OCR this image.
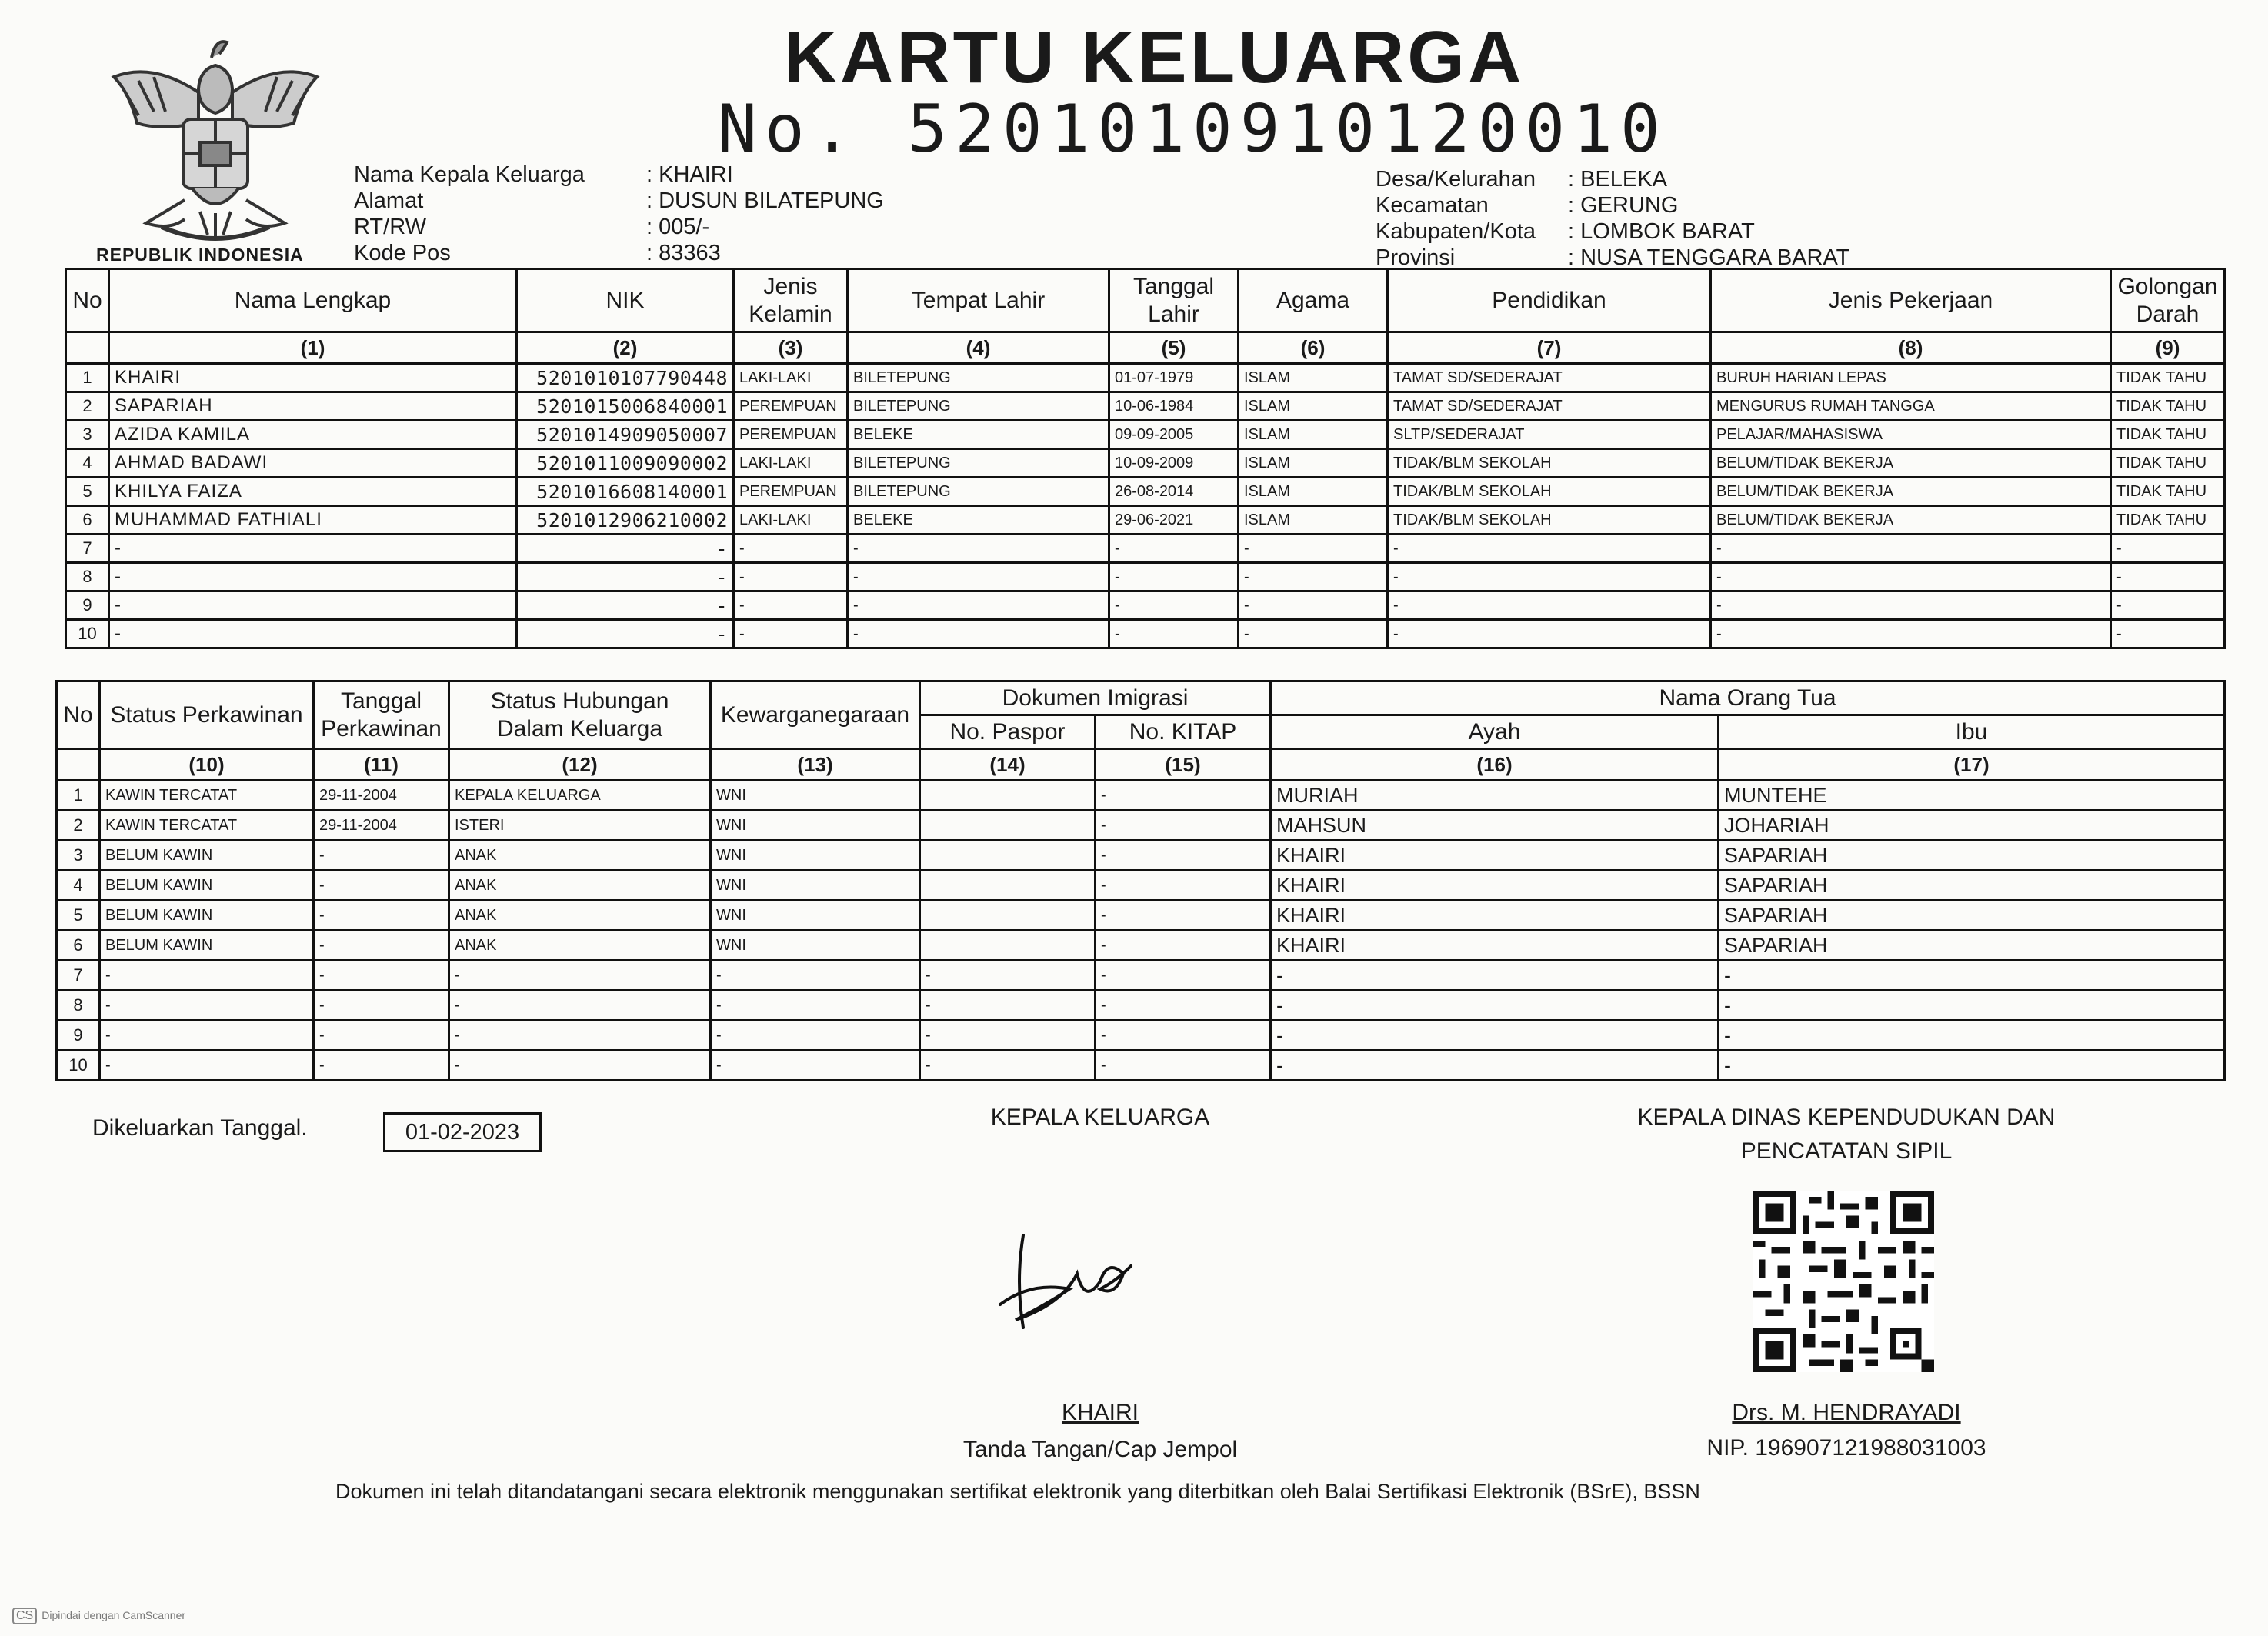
REPUBLIK INDONESIA
KARTU KELUARGA
No. 5201010910120010
Nama Kepala Keluarga	: KHAIRI
Alamat	: DUSUN BILATEPUNG
RT/RW	: 005/-
Kode Pos	: 83363
Desa/Kelurahan : BELEKA
Kecamatan	: GERUNG
Kabupaten/Kota : LOMBOK BARAT
Provinsi	: NUSA TENGGARA BARAT
No	Nama Lengkap	NIK	Jenis Kelamin	Tempat Lahir	Tanggal Lahir	Agama	Pendidikan	Jenis Pekerjaan	Golongan Darah
	(1)	(2)	(3)	(4)	(5)	(6)	(7)	(8)	(9)
1	KHAIRI	5201010107790448	LAKI-LAKI	BILETEPUNG	01-07-1979	ISLAM	TAMAT SD/SEDERAJAT	BURUH HARIAN LEPAS	TIDAK TAHU
2	SAPARIAH	5201015006840001	PEREMPUAN	BILETEPUNG	10-06-1984	ISLAM	TAMAT SD/SEDERAJAT	MENGURUS RUMAH TANGGA	TIDAK TAHU
3	AZIDA KAMILA	5201014909050007	PEREMPUAN	BELEKE	09-09-2005	ISLAM	SLTP/SEDERAJAT	PELAJAR/MAHASISWA	TIDAK TAHU
4	AHMAD BADAWI	5201011009090002	LAKI-LAKI	BILETEPUNG	10-09-2009	ISLAM	TIDAK/BLM SEKOLAH	BELUM/TIDAK BEKERJA	TIDAK TAHU
5	KHILYA FAIZA	5201016608140001	PEREMPUAN	BILETEPUNG	26-08-2014	ISLAM	TIDAK/BLM SEKOLAH	BELUM/TIDAK BEKERJA	TIDAK TAHU
6	MUHAMMAD FATHIALI	5201012906210002	LAKI-LAKI	BELEKE	29-06-2021	ISLAM	TIDAK/BLM SEKOLAH	BELUM/TIDAK BEKERJA	TIDAK TAHU
7	-	-	-	-	-	-	-	-	-
8	-	-	-	-	-	-	-	-	-
9	-	-	-	-	-	-	-	-	-
10	-	-	-	-	-	-	-	-	-
No	Status Perkawinan	Tanggal Perkawinan	Status Hubungan Dalam Keluarga	Kewarganegaraan	Dokumen Imigrasi		Nama Orang Tua	
					No. Paspor	No. KITAP	Ayah	Ibu
	(10)	(11)	(12)	(13)	(14)	(15)	(16)	(17)
1	KAWIN TERCATAT	29-11-2004	KEPALA KELUARGA	WNI		-	MURIAH	MUNTEHE
2	KAWIN TERCATAT	29-11-2004	ISTERI	WNI		-	MAHSUN	JOHARIAH
3	BELUM KAWIN	-	ANAK	WNI		-	KHAIRI	SAPARIAH
4	BELUM KAWIN	-	ANAK	WNI		-	KHAIRI	SAPARIAH
5	BELUM KAWIN	-	ANAK	WNI		-	KHAIRI	SAPARIAH
6	BELUM KAWIN	-	ANAK	WNI		-	KHAIRI	SAPARIAH
7	-	-	-	-	-	-	-	-
8	-	-	-	-	-	-	-	-
9	-	-	-	-	-	-	-	-
10	-	-	-	-	-	-	-	-
Dikeluarkan Tanggal.	01-02-2023
KEPALA KELUARGA
KHAIRI
Tanda Tangan/Cap Jempol
KEPALA DINAS KEPENDUDUKAN DAN
PENCATATAN SIPIL
Drs. M. HENDRAYADI
NIP. 196907121988031003
Dokumen ini telah ditandatangani secara elektronik menggunakan sertifikat elektronik yang diterbitkan oleh Balai Sertifikasi Elektronik (BSrE), BSSN
CS Dipindai dengan CamScanner
